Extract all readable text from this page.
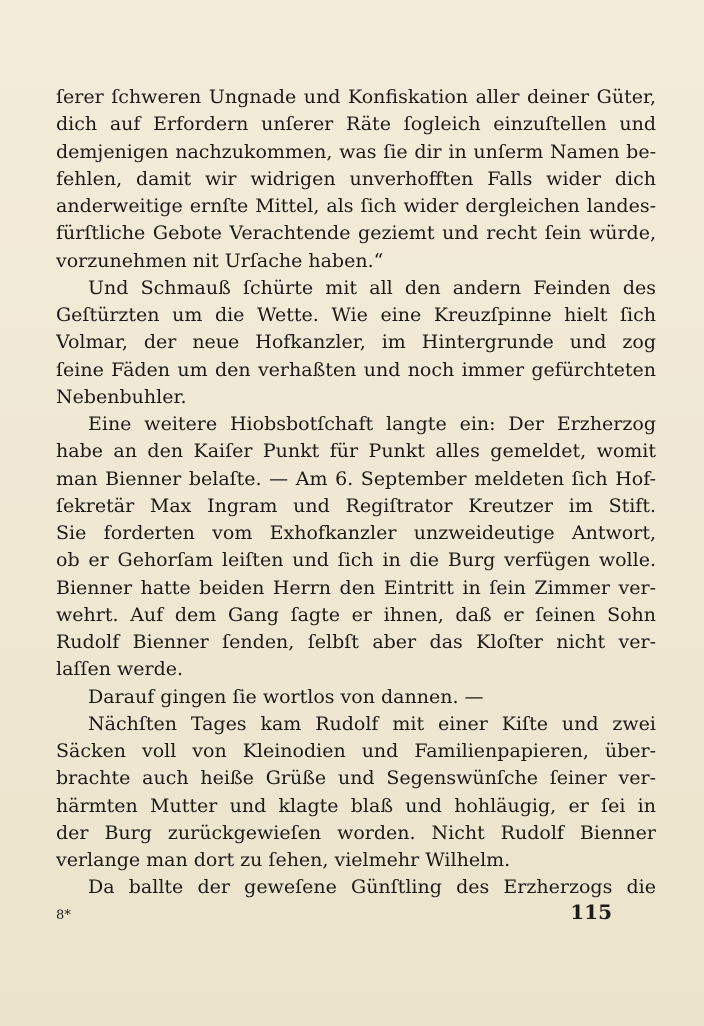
ſerer ſchweren Ungnade und Konfiskation aller deiner Güter,
dich auf Erfordern unſerer Räte ſogleich einzuſtellen und
demjenigen nachzukommen, was ſie dir in unſerm Namen be-
fehlen, damit wir widrigen unverhofften Falls wider dich
anderweitige ernſte Mittel, als ſich wider dergleichen landes-
fürſtliche Gebote Verachtende geziemt und recht ſein würde,
vorzunehmen nit Urſache haben.“
Und Schmauß ſchürte mit all den andern Feinden des
Geſtürzten um die Wette. Wie eine Kreuzſpinne hielt ſich
Volmar, der neue Hofkanzler, im Hintergrunde und zog
ſeine Fäden um den verhaßten und noch immer gefürchteten
Nebenbuhler.
Eine weitere Hiobsbotſchaft langte ein: Der Erzherzog
habe an den Kaiſer Punkt für Punkt alles gemeldet, womit
man Bienner belaſte. — Am 6. September meldeten ſich Hof-
ſekretär Max Ingram und Regiſtrator Kreutzer im Stift.
Sie forderten vom Exhofkanzler unzweideutige Antwort,
ob er Gehorſam leiſten und ſich in die Burg verfügen wolle.
Bienner hatte beiden Herrn den Eintritt in ſein Zimmer ver-
wehrt. Auf dem Gang ſagte er ihnen, daß er ſeinen Sohn
Rudolf Bienner ſenden, ſelbſt aber das Kloſter nicht ver-
laſſen werde.
Darauf gingen ſie wortlos von dannen. —
Nächſten Tages kam Rudolf mit einer Kiſte und zwei
Säcken voll von Kleinodien und Familienpapieren, über-
brachte auch heiße Grüße und Segenswünſche ſeiner ver-
härmten Mutter und klagte blaß und hohläugig, er ſei in
der Burg zurückgewieſen worden. Nicht Rudolf Bienner
verlange man dort zu ſehen, vielmehr Wilhelm.
Da ballte der geweſene Günſtling des Erzherzogs die
8*	115
